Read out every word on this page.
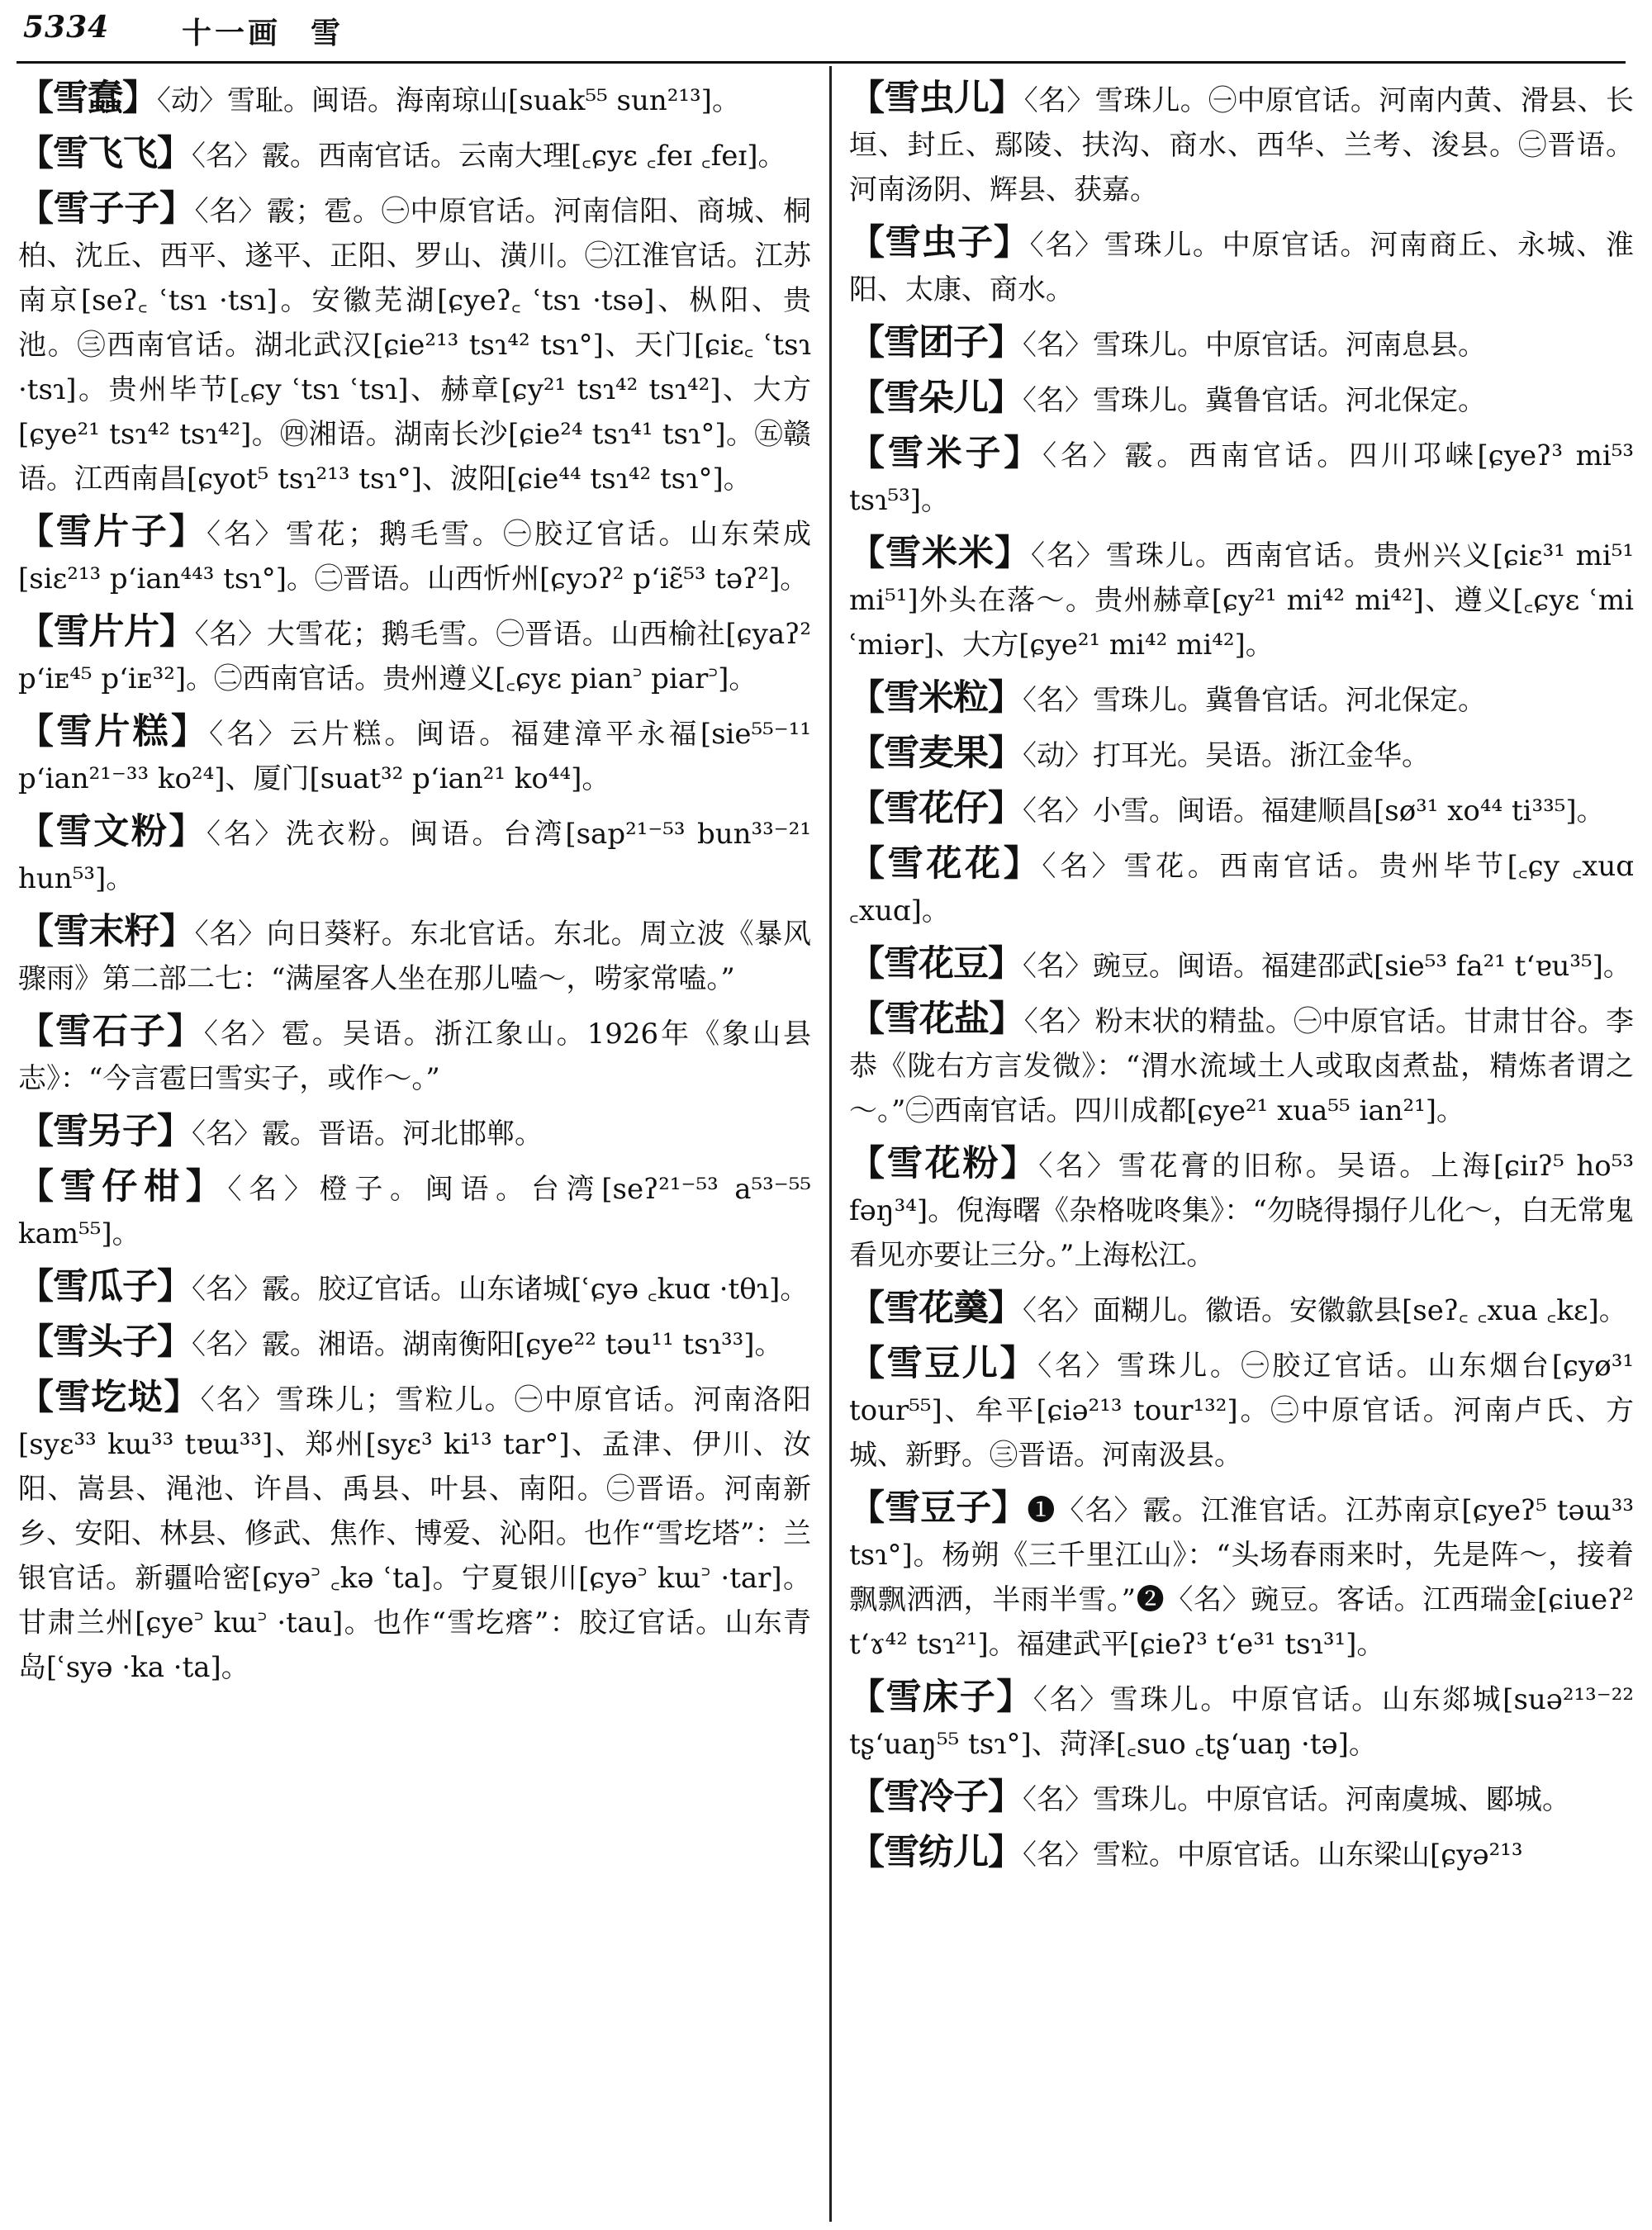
5334 十一画 雪

【雪蠢】〈动〉雪耻。闽语。海南琼山[suak⁵⁵ sun²¹³]。

【雪飞飞】〈名〉霰。西南官话。云南大理[꜀ɕyɛ ꜀feɪ ꜀feɪ]。

【雪子子】〈名〉霰；雹。㊀中原官话。河南信阳、商城、桐柏、沈丘、西平、遂平、正阳、罗山、潢川。㊁江淮官话。江苏南京[seʔ꜀ ʿtsɿ ·tsɿ]。安徽芜湖[ɕyeʔ꜀ ʿtsɿ ·tsə]、枞阳、贵池。㊂西南官话。湖北武汉[ɕie²¹³ tsɿ⁴² tsɿ°]、天门[ɕiɛ꜀ ʿtsɿ ·tsɿ]。贵州毕节[꜀ɕy ʿtsɿ ʿtsɿ]、赫章[ɕy²¹ tsɿ⁴² tsɿ⁴²]、大方[ɕye²¹ tsɿ⁴² tsɿ⁴²]。㊃湘语。湖南长沙[ɕie²⁴ tsɿ⁴¹ tsɿ°]。㊄赣语。江西南昌[ɕyot⁵ tsɿ²¹³ tsɿ°]、波阳[ɕie⁴⁴ tsɿ⁴² tsɿ°]。

【雪片子】〈名〉雪花；鹅毛雪。㊀胶辽官话。山东荣成[siɛ²¹³ pʻian⁴⁴³ tsɿ°]。㊁晋语。山西忻州[ɕyɔʔ² pʻiɛ̃⁵³ təʔ²]。

【雪片片】〈名〉大雪花；鹅毛雪。㊀晋语。山西榆社[ɕyaʔ² pʻiᴇ⁴⁵ pʻiᴇ³²]。㊁西南官话。贵州遵义[꜀ɕyɛ pian꜄ piar꜄]。

【雪片糕】〈名〉云片糕。闽语。福建漳平永福[sie⁵⁵⁻¹¹ pʻian²¹⁻³³ ko²⁴]、厦门[suat³² pʻian²¹ ko⁴⁴]。

【雪文粉】〈名〉洗衣粉。闽语。台湾[sap²¹⁻⁵³ bun³³⁻²¹ hun⁵³]。

【雪末籽】〈名〉向日葵籽。东北官话。东北。周立波《暴风骤雨》第二部二七：“满屋客人坐在那儿嗑～，唠家常嗑。”

【雪石子】〈名〉雹。吴语。浙江象山。1926年《象山县志》：“今言雹曰雪实子，或作～。”

【雪另子】〈名〉霰。晋语。河北邯郸。

【雪仔柑】〈名〉橙子。闽语。台湾[seʔ²¹⁻⁵³ a⁵³⁻⁵⁵ kam⁵⁵]。

【雪瓜子】〈名〉霰。胶辽官话。山东诸城[ʿɕyə ꜀kuɑ ·tθɿ]。

【雪头子】〈名〉霰。湘语。湖南衡阳[ɕye²² təu¹¹ tsɿ³³]。

【雪圪垯】〈名〉雪珠儿；雪粒儿。㊀中原官话。河南洛阳[syɛ³³ kɯ³³ tɐɯ³³]、郑州[syɛ³ ki¹³ tar°]、孟津、伊川、汝阳、嵩县、渑池、许昌、禹县、叶县、南阳。㊁晋语。河南新乡、安阳、林县、修武、焦作、博爱、沁阳。也作“雪圪塔”：兰银官话。新疆哈密[ɕyə꜄ ꜀kə ʿta]。宁夏银川[ɕyə꜄ kɯ꜄ ·tar]。甘肃兰州[ɕye꜄ kɯ꜄ ·tau]。也作“雪圪瘩”：胶辽官话。山东青岛[ʿsyə ·ka ·ta]。

【雪虫儿】〈名〉雪珠儿。㊀中原官话。河南内黄、滑县、长垣、封丘、鄢陵、扶沟、商水、西华、兰考、浚县。㊁晋语。河南汤阴、辉县、获嘉。

【雪虫子】〈名〉雪珠儿。中原官话。河南商丘、永城、淮阳、太康、商水。

【雪团子】〈名〉雪珠儿。中原官话。河南息县。

【雪朵儿】〈名〉雪珠儿。冀鲁官话。河北保定。

【雪米子】〈名〉霰。西南官话。四川邛崃[ɕyeʔ³ mi⁵³ tsɿ⁵³]。

【雪米米】〈名〉雪珠儿。西南官话。贵州兴义[ɕiɛ³¹ mi⁵¹ mi⁵¹]外头在落～。贵州赫章[ɕy²¹ mi⁴² mi⁴²]、遵义[꜀ɕyɛ ʿmi ʿmiər]、大方[ɕye²¹ mi⁴² mi⁴²]。

【雪米粒】〈名〉雪珠儿。冀鲁官话。河北保定。

【雪麦果】〈动〉打耳光。吴语。浙江金华。

【雪花仔】〈名〉小雪。闽语。福建顺昌[sø³¹ xo⁴⁴ ti³³⁵]。

【雪花花】〈名〉雪花。西南官话。贵州毕节[꜀ɕy ꜀xuɑ ꜀xuɑ]。

【雪花豆】〈名〉豌豆。闽语。福建邵武[sie⁵³ fa²¹ tʻɐu³⁵]。

【雪花盐】〈名〉粉末状的精盐。㊀中原官话。甘肃甘谷。李恭《陇右方言发微》：“渭水流域土人或取卤煮盐，精炼者谓之～。”㊁西南官话。四川成都[ɕye²¹ xua⁵⁵ ian²¹]。

【雪花粉】〈名〉雪花膏的旧称。吴语。上海[ɕiɪʔ⁵ ho⁵³ fəŋ³⁴]。倪海曙《杂格咙咚集》：“勿晓得搨仔儿化～，白无常鬼看见亦要让三分。”上海松江。

【雪花羹】〈名〉面糊儿。徽语。安徽歙县[seʔ꜀ ꜀xua ꜀kɛ]。

【雪豆儿】〈名〉雪珠儿。㊀胶辽官话。山东烟台[ɕyø³¹ tour⁵⁵]、牟平[ɕiə²¹³ tour¹³²]。㊁中原官话。河南卢氏、方城、新野。㊂晋语。河南汲县。

【雪豆子】❶〈名〉霰。江淮官话。江苏南京[ɕyeʔ⁵ təɯ³³ tsɿ°]。杨朔《三千里江山》：“头场春雨来时，先是阵～，接着飘飘洒洒，半雨半雪。”❷〈名〉豌豆。客话。江西瑞金[ɕiueʔ² tʻɤ⁴² tsɿ²¹]。福建武平[ɕieʔ³ tʻe³¹ tsɿ³¹]。

【雪床子】〈名〉雪珠儿。中原官话。山东郯城[suə²¹³⁻²² tʂʻuaŋ⁵⁵ tsɿ°]、菏泽[꜀suo ꜀tʂʻuaŋ ·tə]。

【雪冷子】〈名〉雪珠儿。中原官话。河南虞城、郾城。

【雪纺儿】〈名〉雪粒。中原官话。山东梁山[ɕyə²¹³
